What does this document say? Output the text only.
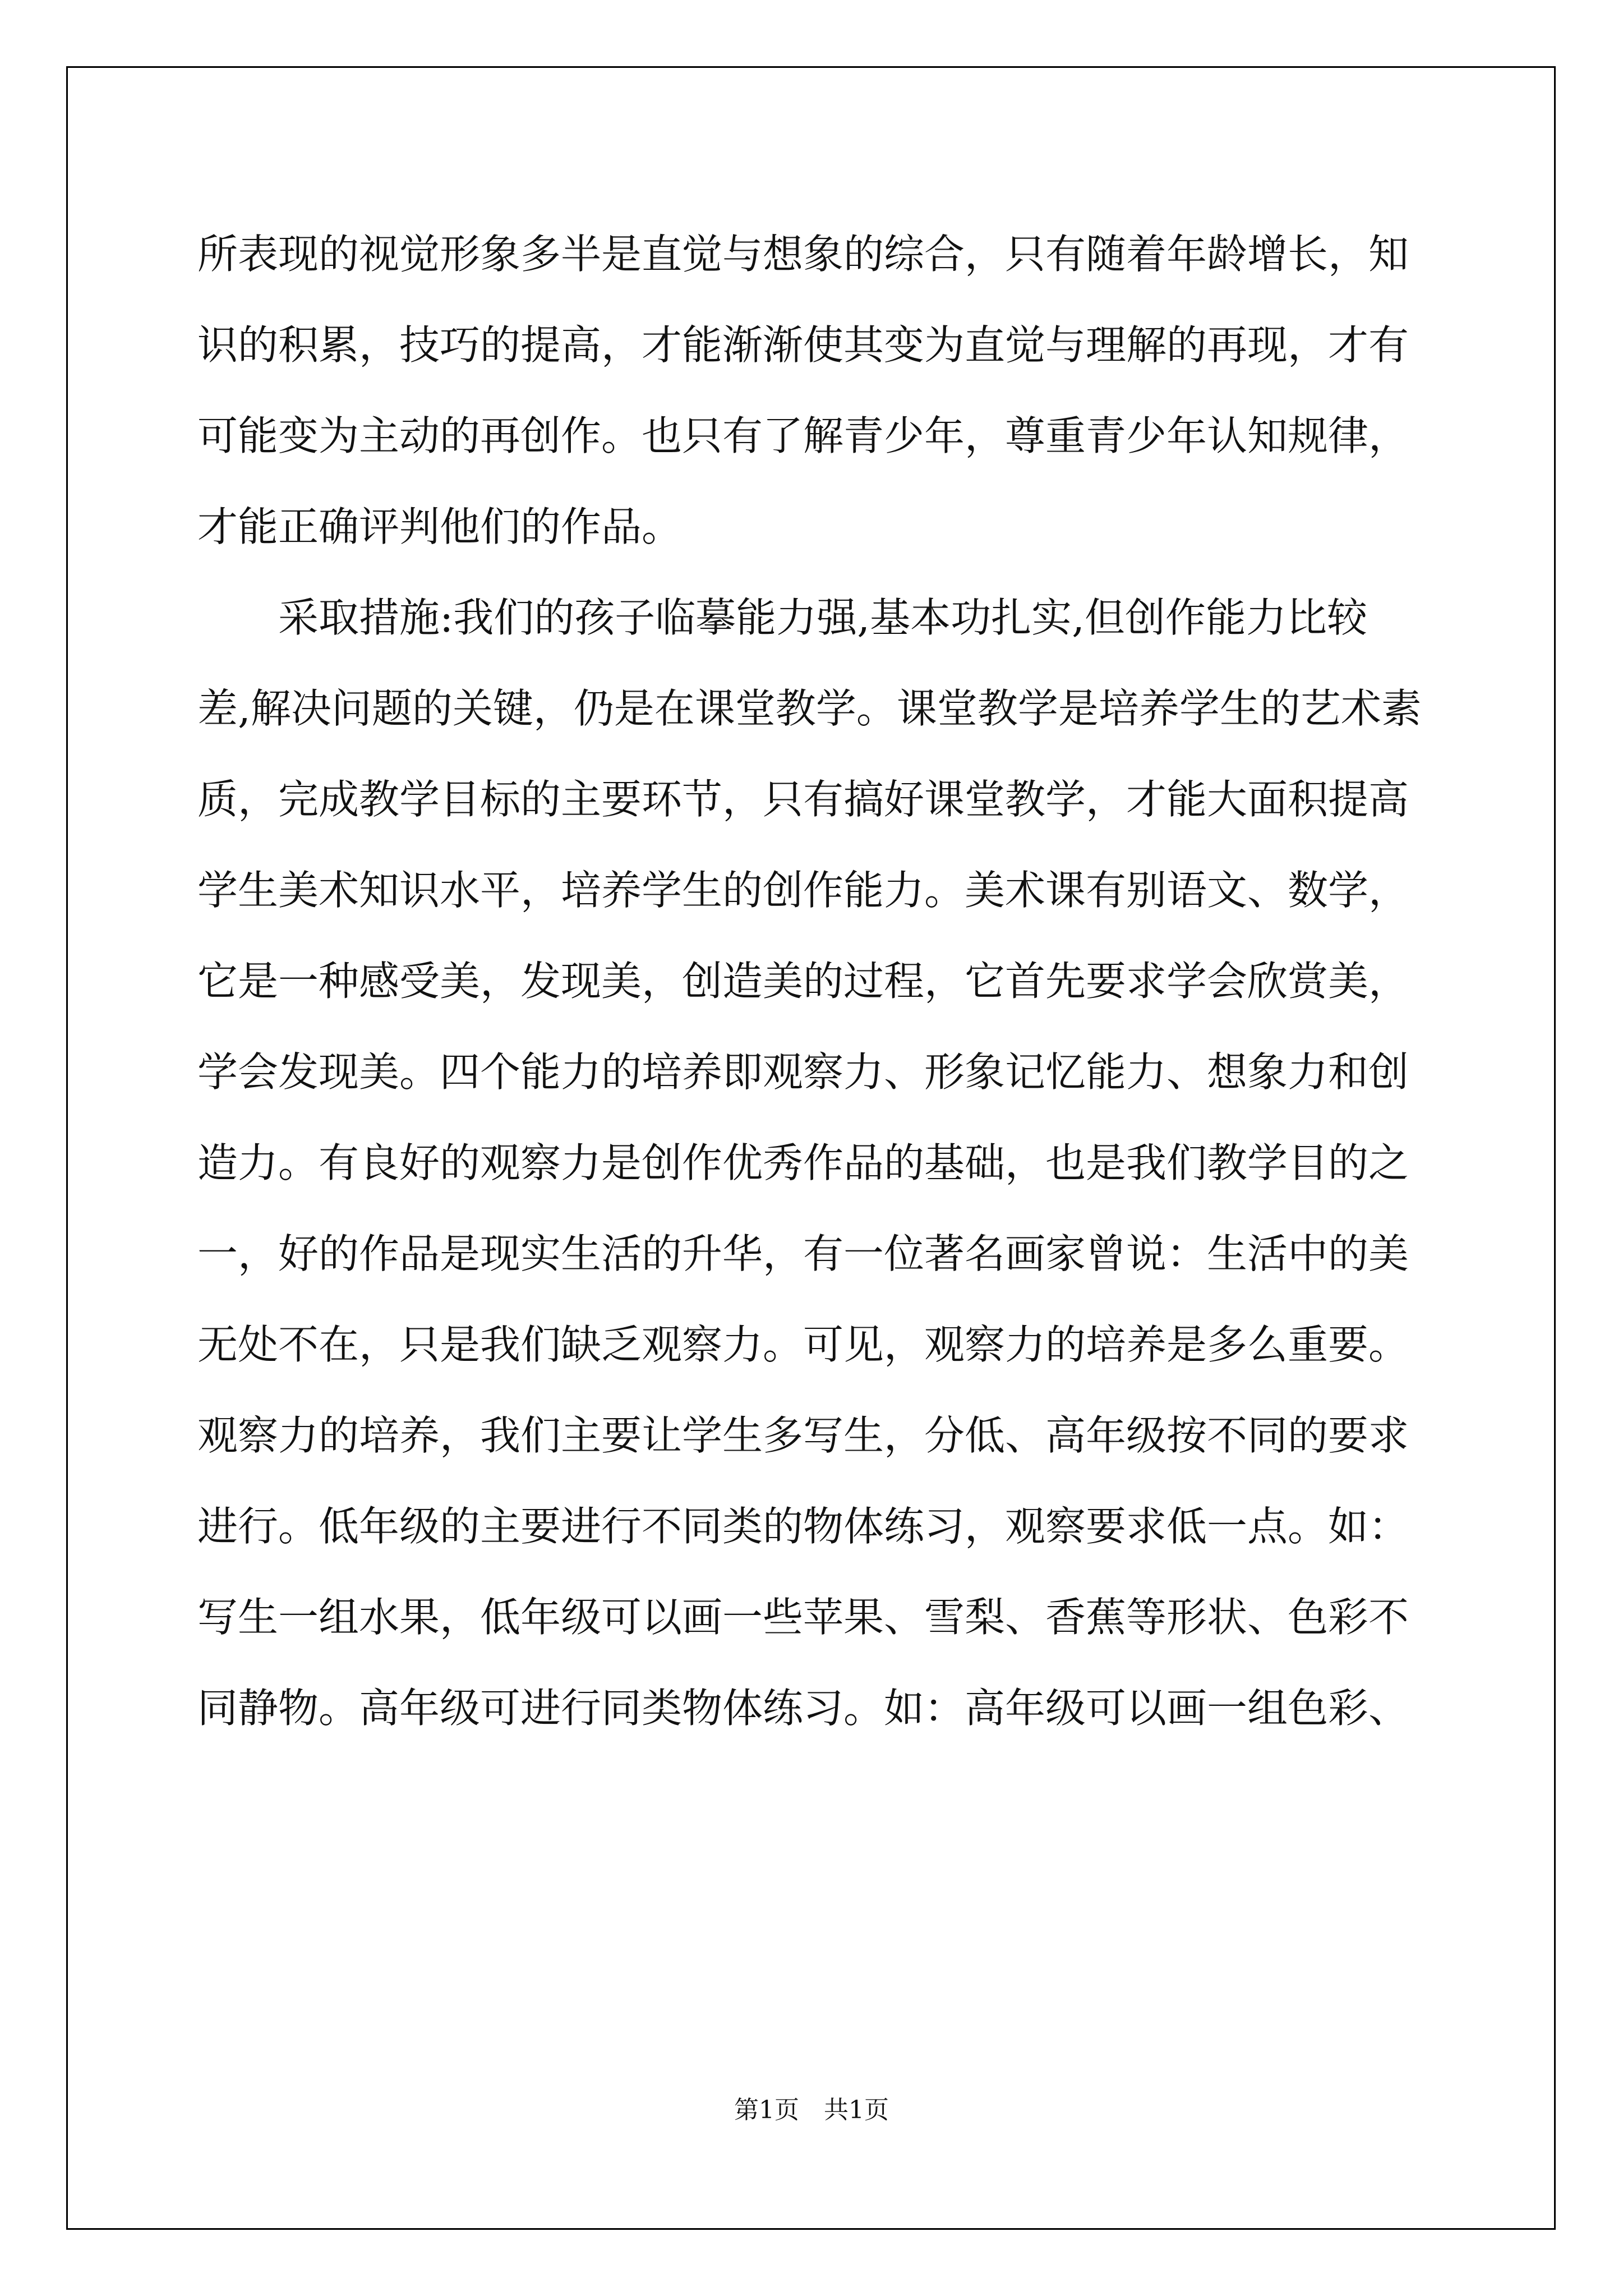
所表现的视觉形象多半是直觉与想象的综合，只有随着年龄增长，知
识的积累，技巧的提高，才能渐渐使其变为直觉与理解的再现，才有
可能变为主动的再创作。也只有了解青少年，尊重青少年认知规律，
才能正确评判他们的作品。
采取措施:我们的孩子临摹能力强,基本功扎实,但创作能力比较
差,解决问题的关键，仍是在课堂教学。课堂教学是培养学生的艺术素
质，完成教学目标的主要环节，只有搞好课堂教学，才能大面积提高
学生美术知识水平，培养学生的创作能力。美术课有别语文、数学，
它是一种感受美，发现美，创造美的过程，它首先要求学会欣赏美，
学会发现美。四个能力的培养即观察力、形象记忆能力、想象力和创
造力。有良好的观察力是创作优秀作品的基础，也是我们教学目的之
一，好的作品是现实生活的升华，有一位著名画家曾说：生活中的美
无处不在，只是我们缺乏观察力。可见，观察力的培养是多么重要。
观察力的培养，我们主要让学生多写生，分低、高年级按不同的要求
进行。低年级的主要进行不同类的物体练习，观察要求低一点。如：
写生一组水果，低年级可以画一些苹果、雪梨、香蕉等形状、色彩不
同静物。高年级可进行同类物体练习。如：高年级可以画一组色彩、
第1页 共1页
